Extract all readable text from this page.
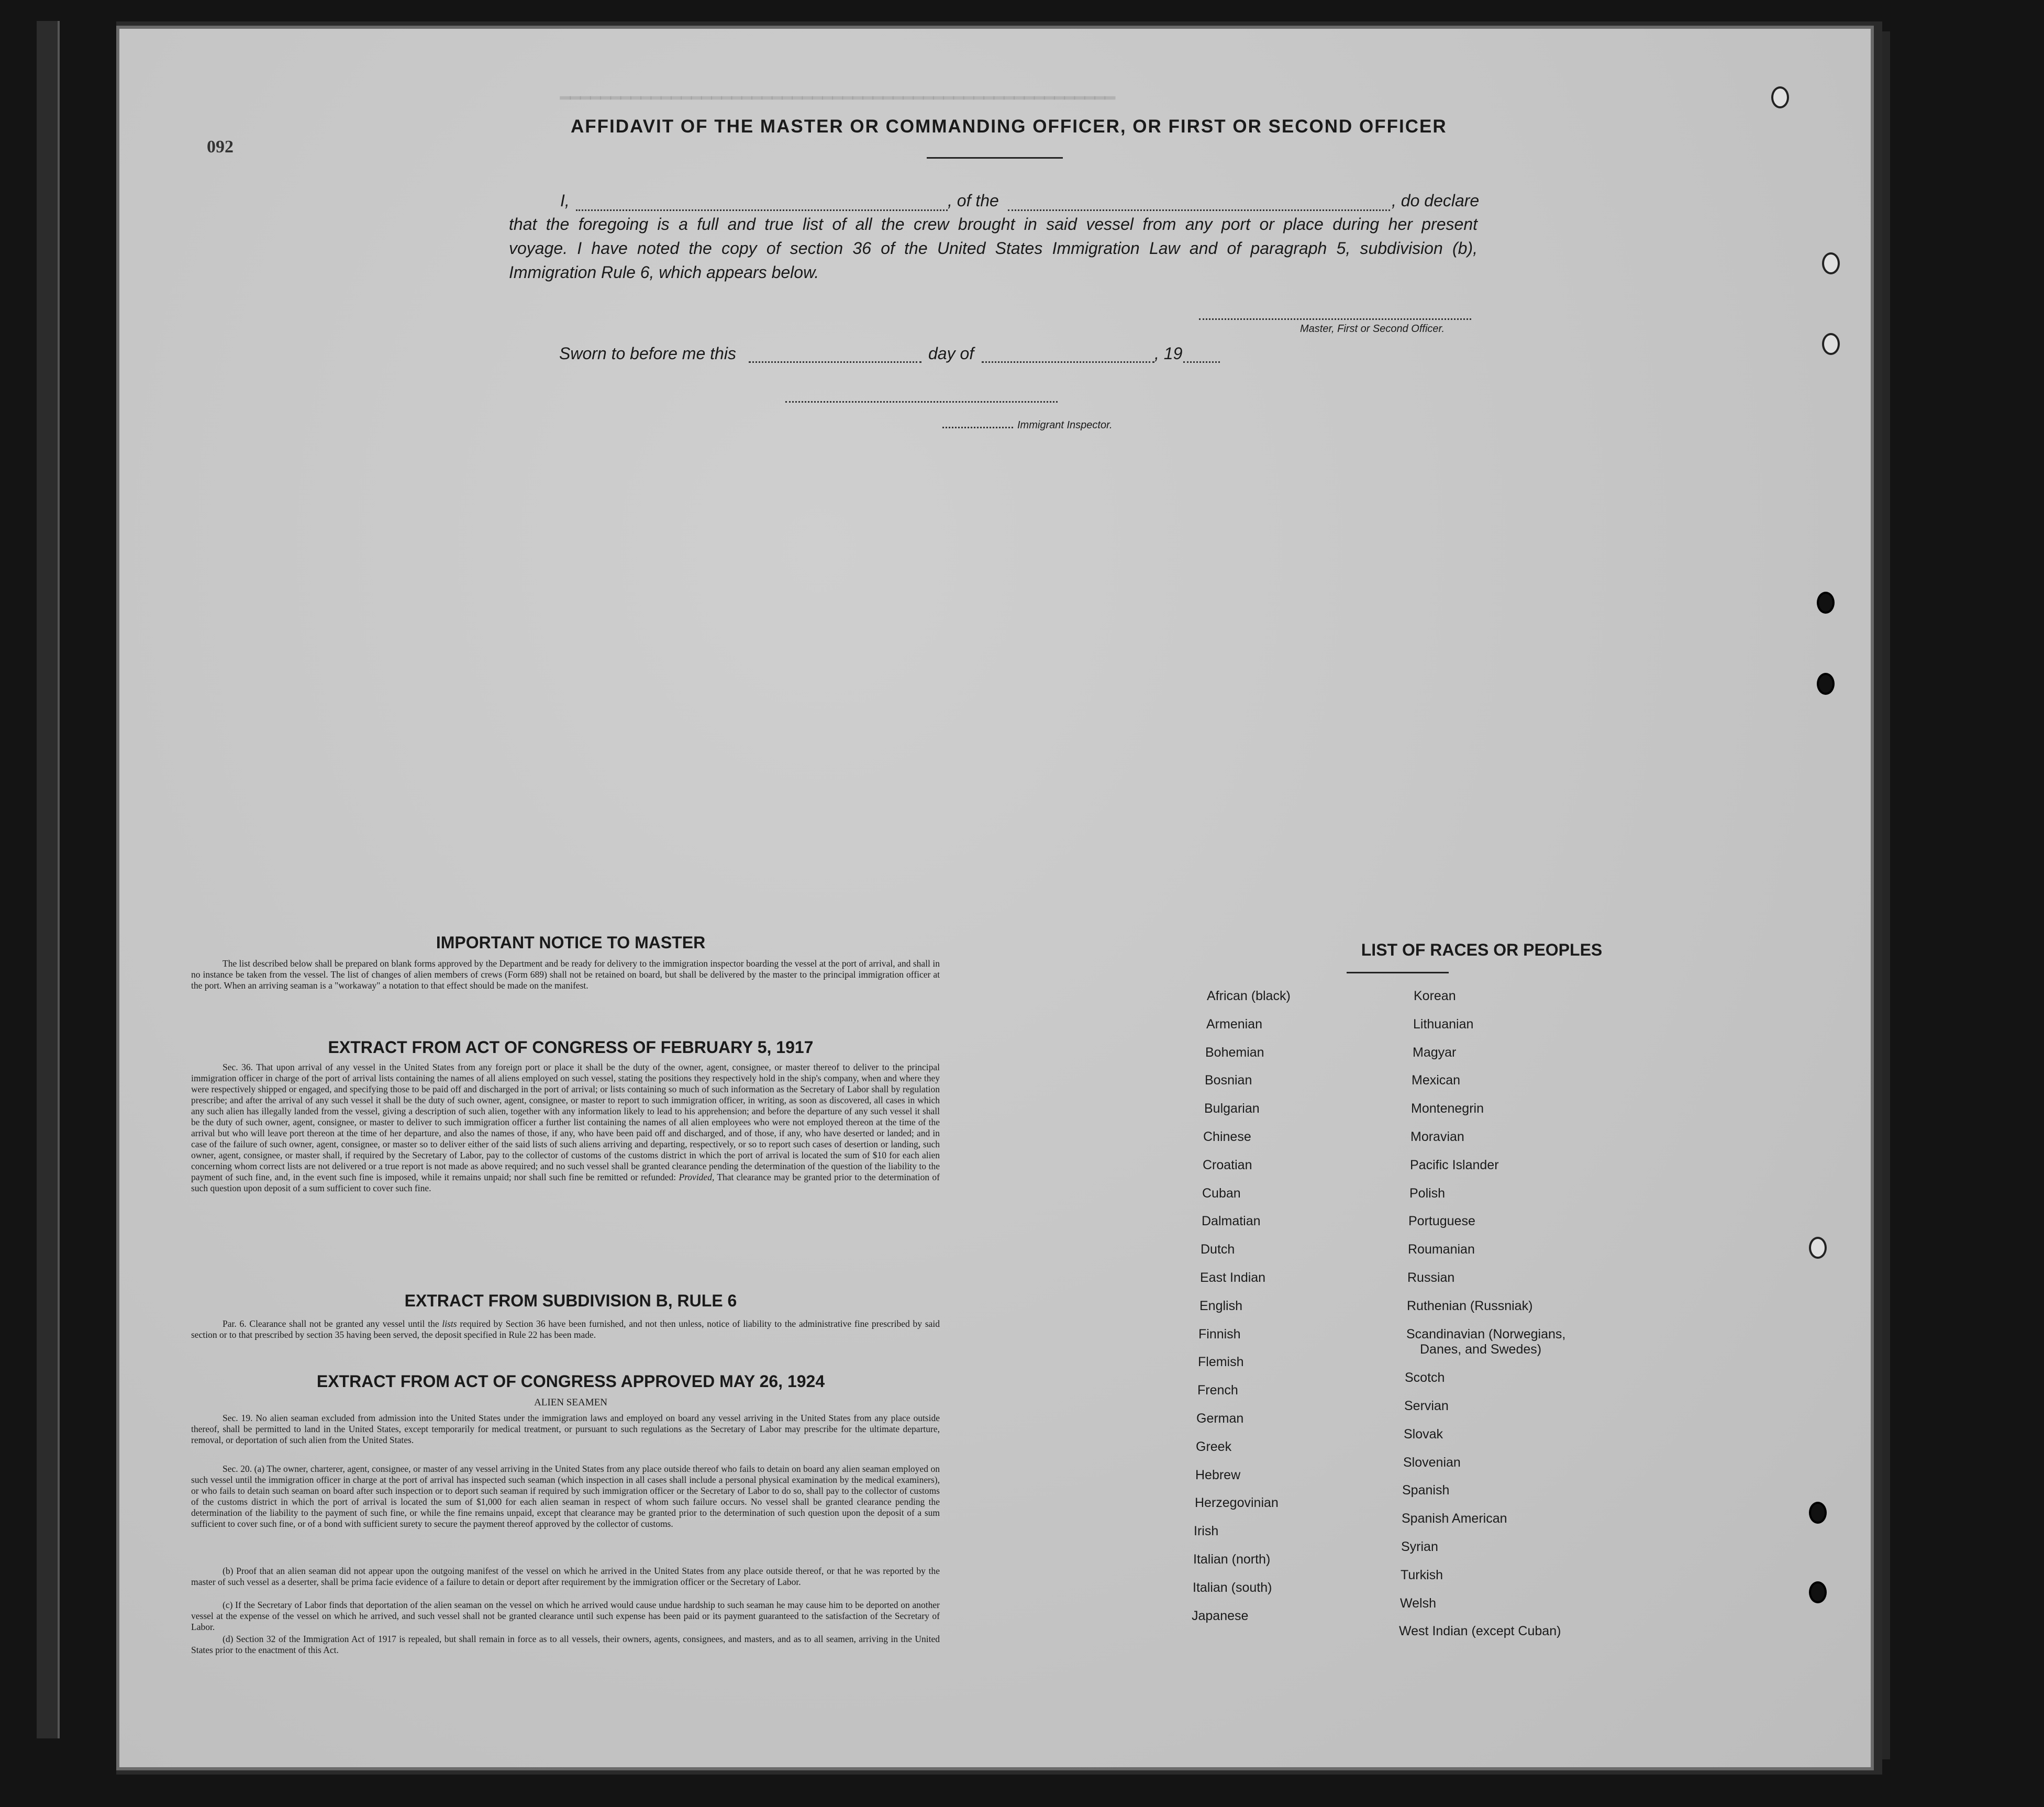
━━━━━━━━━━━━━━━━━━━━━━━━━━━━━━━━━━━━━━━━━━━━━━━━━━━━━━━
092
AFFIDAVIT OF THE MASTER OR COMMANDING OFFICER, OR FIRST OR SECOND OFFICER
I,	, of the	, do declare
that the foregoing is a full and true list of all the crew brought in said vessel from any port or place during her present
voyage. I have noted the copy of section 36 of the United States Immigration Law and of paragraph 5, subdivision (b),
Immigration Rule 6, which appears below.
Master, First or Second Officer.
Sworn to before me this	day of	, 19
Immigrant Inspector.
IMPORTANT NOTICE TO MASTER
The list described below shall be prepared on blank forms approved by the Department and be ready for delivery to the immigration inspector boarding the vessel at the port of arrival, and shall in no instance be taken from the vessel. The list of changes of alien members of crews (Form 689) shall not be retained on board, but shall be delivered by the master to the principal immigration officer at the port. When an arriving seaman is a "workaway" a notation to that effect should be made on the manifest.
EXTRACT FROM ACT OF CONGRESS OF FEBRUARY 5, 1917
Sec. 36. That upon arrival of any vessel in the United States from any foreign port or place it shall be the duty of the owner, agent, consignee, or master thereof to deliver to the principal immigration officer in charge of the port of arrival lists containing the names of all aliens employed on such vessel, stating the positions they respectively hold in the ship's company, when and where they were respectively shipped or engaged, and specifying those to be paid off and discharged in the port of arrival; or lists containing so much of such information as the Secretary of Labor shall by regulation prescribe; and after the arrival of any such vessel it shall be the duty of such owner, agent, consignee, or master to report to such immigration officer, in writing, as soon as discovered, all cases in which any such alien has illegally landed from the vessel, giving a description of such alien, together with any information likely to lead to his apprehension; and before the departure of any such vessel it shall be the duty of such owner, agent, consignee, or master to deliver to such immigration officer a further list containing the names of all alien employees who were not employed thereon at the time of the arrival but who will leave port thereon at the time of her departure, and also the names of those, if any, who have been paid off and discharged, and of those, if any, who have deserted or landed; and in case of the failure of such owner, agent, consignee, or master so to deliver either of the said lists of such aliens arriving and departing, respectively, or so to report such cases of desertion or landing, such owner, agent, consignee, or master shall, if required by the Secretary of Labor, pay to the collector of customs of the customs district in which the port of arrival is located the sum of $10 for each alien concerning whom correct lists are not delivered or a true report is not made as above required; and no such vessel shall be granted clearance pending the determination of the question of the liability to the payment of such fine, and, in the event such fine is imposed, while it remains unpaid; nor shall such fine be remitted or refunded: Provided, That clearance may be granted prior to the determination of such question upon deposit of a sum sufficient to cover such fine.
EXTRACT FROM SUBDIVISION B, RULE 6
Par. 6. Clearance shall not be granted any vessel until the lists required by Section 36 have been furnished, and not then unless, notice of liability to the administrative fine prescribed by said section or to that prescribed by section 35 having been served, the deposit specified in Rule 22 has been made.
EXTRACT FROM ACT OF CONGRESS APPROVED MAY 26, 1924
ALIEN SEAMEN
Sec. 19. No alien seaman excluded from admission into the United States under the immigration laws and employed on board any vessel arriving in the United States from any place outside thereof, shall be permitted to land in the United States, except temporarily for medical treatment, or pursuant to such regulations as the Secretary of Labor may prescribe for the ultimate departure, removal, or deportation of such alien from the United States.
Sec. 20. (a) The owner, charterer, agent, consignee, or master of any vessel arriving in the United States from any place outside thereof who fails to detain on board any alien seaman employed on such vessel until the immigration officer in charge at the port of arrival has inspected such seaman (which inspection in all cases shall include a personal physical examination by the medical examiners), or who fails to detain such seaman on board after such inspection or to deport such seaman if required by such immigration officer or the Secretary of Labor to do so, shall pay to the collector of customs of the customs district in which the port of arrival is located the sum of $1,000 for each alien seaman in respect of whom such failure occurs. No vessel shall be granted clearance pending the determination of the liability to the payment of such fine, or while the fine remains unpaid, except that clearance may be granted prior to the determination of such question upon the deposit of a sum sufficient to cover such fine, or of a bond with sufficient surety to secure the payment thereof approved by the collector of customs.
(b) Proof that an alien seaman did not appear upon the outgoing manifest of the vessel on which he arrived in the United States from any place outside thereof, or that he was reported by the master of such vessel as a deserter, shall be prima facie evidence of a failure to detain or deport after requirement by the immigration officer or the Secretary of Labor.
(c) If the Secretary of Labor finds that deportation of the alien seaman on the vessel on which he arrived would cause undue hardship to such seaman he may cause him to be deported on another vessel at the expense of the vessel on which he arrived, and such vessel shall not be granted clearance until such expense has been paid or its payment guaranteed to the satisfaction of the Secretary of Labor.
(d) Section 32 of the Immigration Act of 1917 is repealed, but shall remain in force as to all vessels, their owners, agents, consignees, and masters, and as to all seamen, arriving in the United States prior to the enactment of this Act.
LIST OF RACES OR PEOPLES
African (black)
Armenian
Bohemian
Bosnian
Bulgarian
Chinese
Croatian
Cuban
Dalmatian
Dutch
East Indian
English
Finnish
Flemish
French
German
Greek
Hebrew
Herzegovinian
Irish
Italian (north)
Italian (south)
Japanese
Korean
Lithuanian
Magyar
Mexican
Montenegrin
Moravian
Pacific Islander
Polish
Portuguese
Roumanian
Russian
Ruthenian (Russniak)
Scandinavian (Norwegians,
Danes, and Swedes)
Scotch
Servian
Slovak
Slovenian
Spanish
Spanish American
Syrian
Turkish
Welsh
West Indian (except Cuban)
